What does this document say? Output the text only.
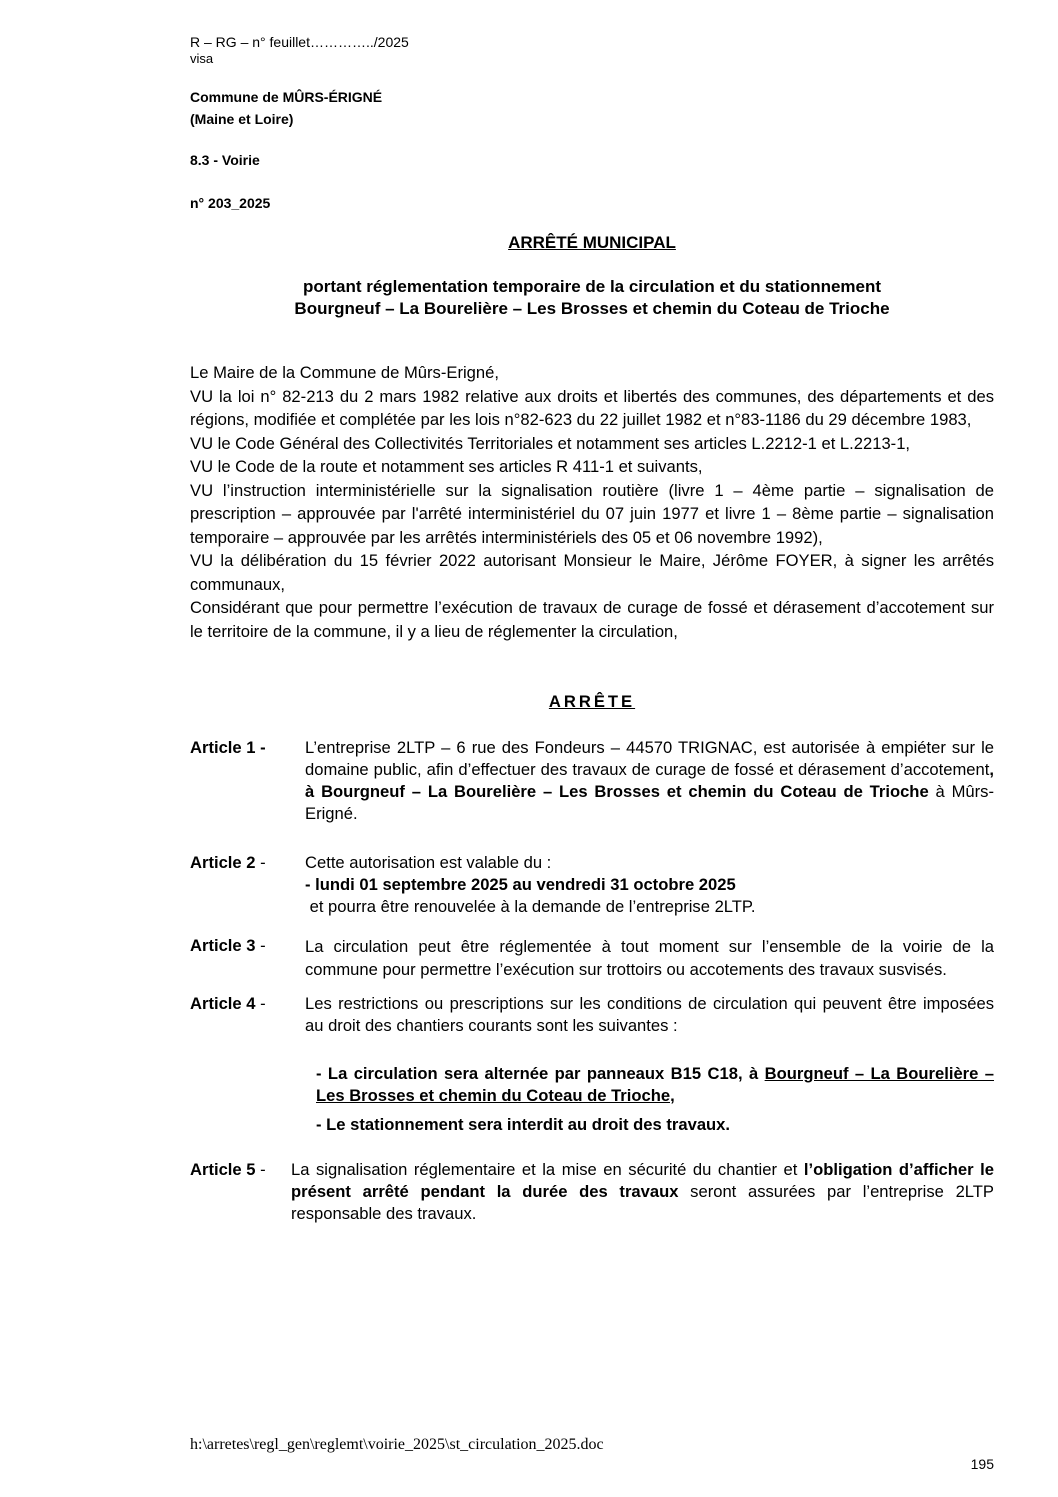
R – RG – n° feuillet…………../2025
visa
Commune de MÛRS-ÉRIGNÉ
(Maine et Loire)
8.3 - Voirie
n° 203_2025
ARRÊTÉ MUNICIPAL
portant réglementation temporaire de la circulation et du stationnement
Bourgneuf – La Bourelière – Les Brosses et chemin du Coteau de Trioche

Le Maire de la Commune de Mûrs-Erigné,

VU la loi n° 82-213 du 2 mars 1982 relative aux droits et libertés des communes, des départements et des régions, modifiée et complétée par les lois n°82-623 du 22 juillet 1982 et n°83-1186 du 29 décembre 1983,

VU le Code Général des Collectivités Territoriales et notamment ses articles L.2212-1 et L.2213-1,

VU le Code de la route et notamment ses articles R 411-1 et suivants,

VU l’instruction interministérielle sur la signalisation routière (livre 1 – 4ème partie – signalisation de prescription – approuvée par l'arrêté interministériel du 07 juin 1977 et livre 1 – 8ème partie – signalisation temporaire – approuvée par les arrêtés interministériels des 05 et 06 novembre 1992),

VU la délibération du 15 février 2022 autorisant Monsieur le Maire, Jérôme FOYER, à signer les arrêtés communaux,

Considérant que pour permettre l’exécution de travaux de curage de fossé et dérasement d’accotement sur le territoire de la commune, il y a lieu de réglementer la circulation,

ARRÊTE
Article 1 - L’entreprise 2LTP – 6 rue des Fondeurs – 44570 TRIGNAC, est autorisée à empiéter sur le domaine public, afin d’effectuer des travaux de curage de fossé et dérasement d’accotement, à Bourgneuf – La Bourelière – Les Brosses et chemin du Coteau de Trioche à Mûrs-Erigné.
Article 2 - Cette autorisation est valable du :
- lundi 01 septembre 2025 au vendredi 31 octobre 2025
et pourra être renouvelée à la demande de l’entreprise 2LTP.
Article 3 - La circulation peut être réglementée à tout moment sur l’ensemble de la voirie de la commune pour permettre l’exécution sur trottoirs ou accotements des travaux susvisés.
Article 4 - Les restrictions ou prescriptions sur les conditions de circulation qui peuvent être imposées au droit des chantiers courants sont les suivantes :
- La circulation sera alternée par panneaux B15 C18, à Bourgneuf – La Bourelière – Les Brosses et chemin du Coteau de Trioche,
- Le stationnement sera interdit au droit des travaux.
Article 5 - La signalisation réglementaire et la mise en sécurité du chantier et l’obligation d’afficher le présent arrêté pendant la durée des travaux seront assurées par l’entreprise 2LTP responsable des travaux.
h:\arretes\regl_gen\reglemt\voirie_2025\st_circulation_2025.doc
195
